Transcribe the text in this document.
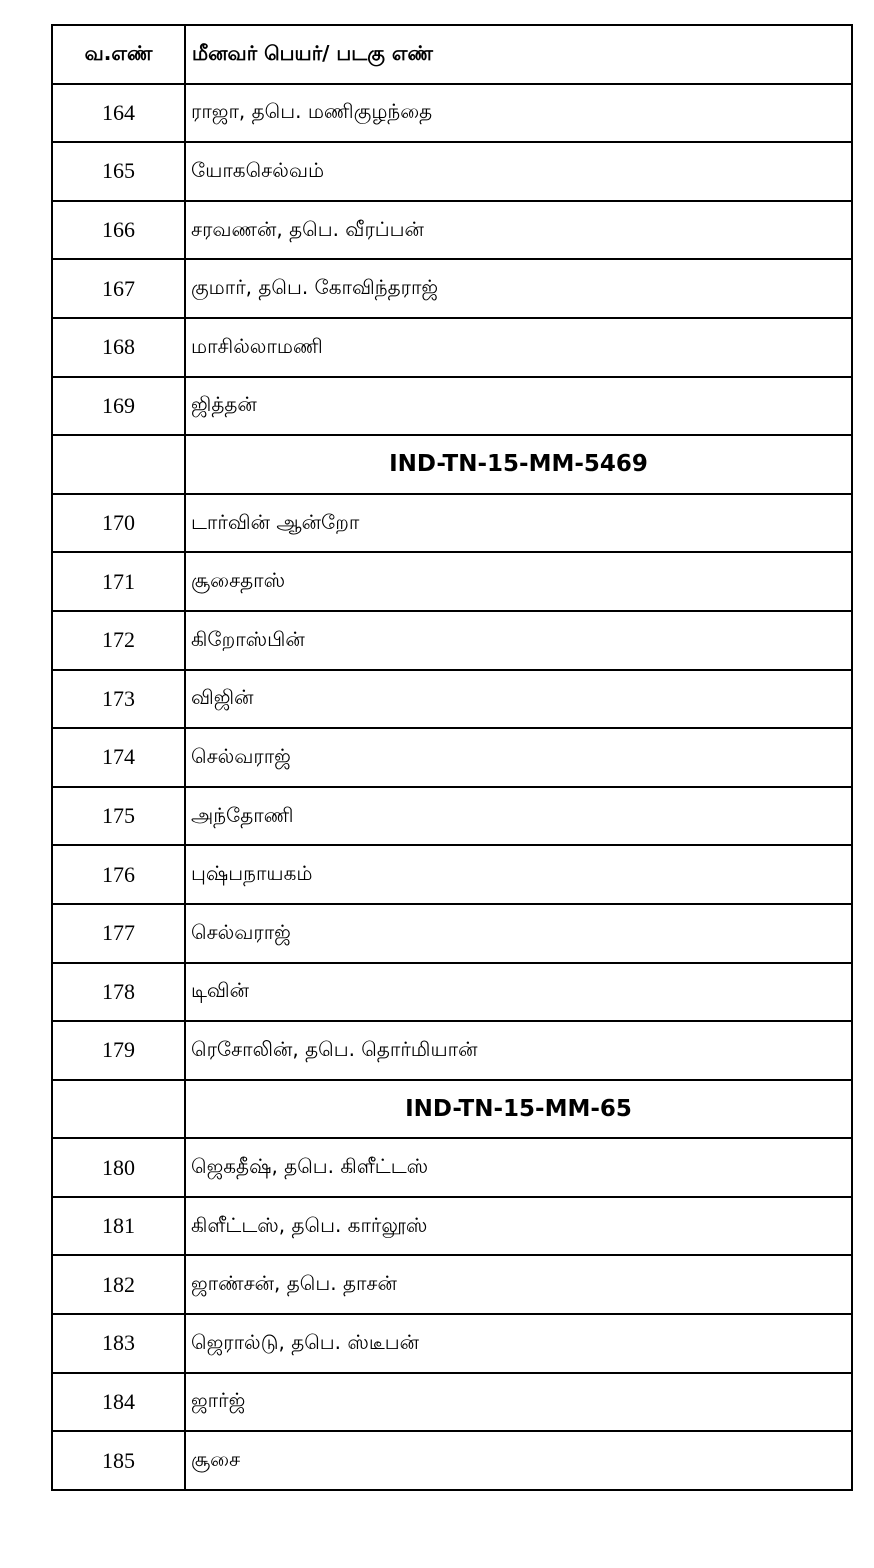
வ.எண்	மீனவர் பெயர்/ படகு எண்
164	ராஜா, தபெ. மணிகுழந்தை
165	யோகசெல்வம்
166	சரவணன், தபெ. வீரப்பன்
167	குமார், தபெ. கோவிந்தராஜ்
168	மாசில்லாமணி
169	ஜித்தன்
	IND-TN-15-MM-5469
170	டார்வின் ஆன்றோ
171	சூசைதாஸ்
172	கிறோஸ்பின்
173	விஜின்
174	செல்வராஜ்
175	அந்தோணி
176	புஷ்பநாயகம்
177	செல்வராஜ்
178	டிவின்
179	ரெசோலின், தபெ. தொர்மியான்
	IND-TN-15-MM-65
180	ஜெகதீஷ், தபெ. கிளீட்டஸ்
181	கிளீட்டஸ், தபெ. கார்லூஸ்
182	ஜாண்சன், தபெ. தாசன்
183	ஜெரால்டு, தபெ. ஸ்டீபன்
184	ஜார்ஜ்
185	சூசை
